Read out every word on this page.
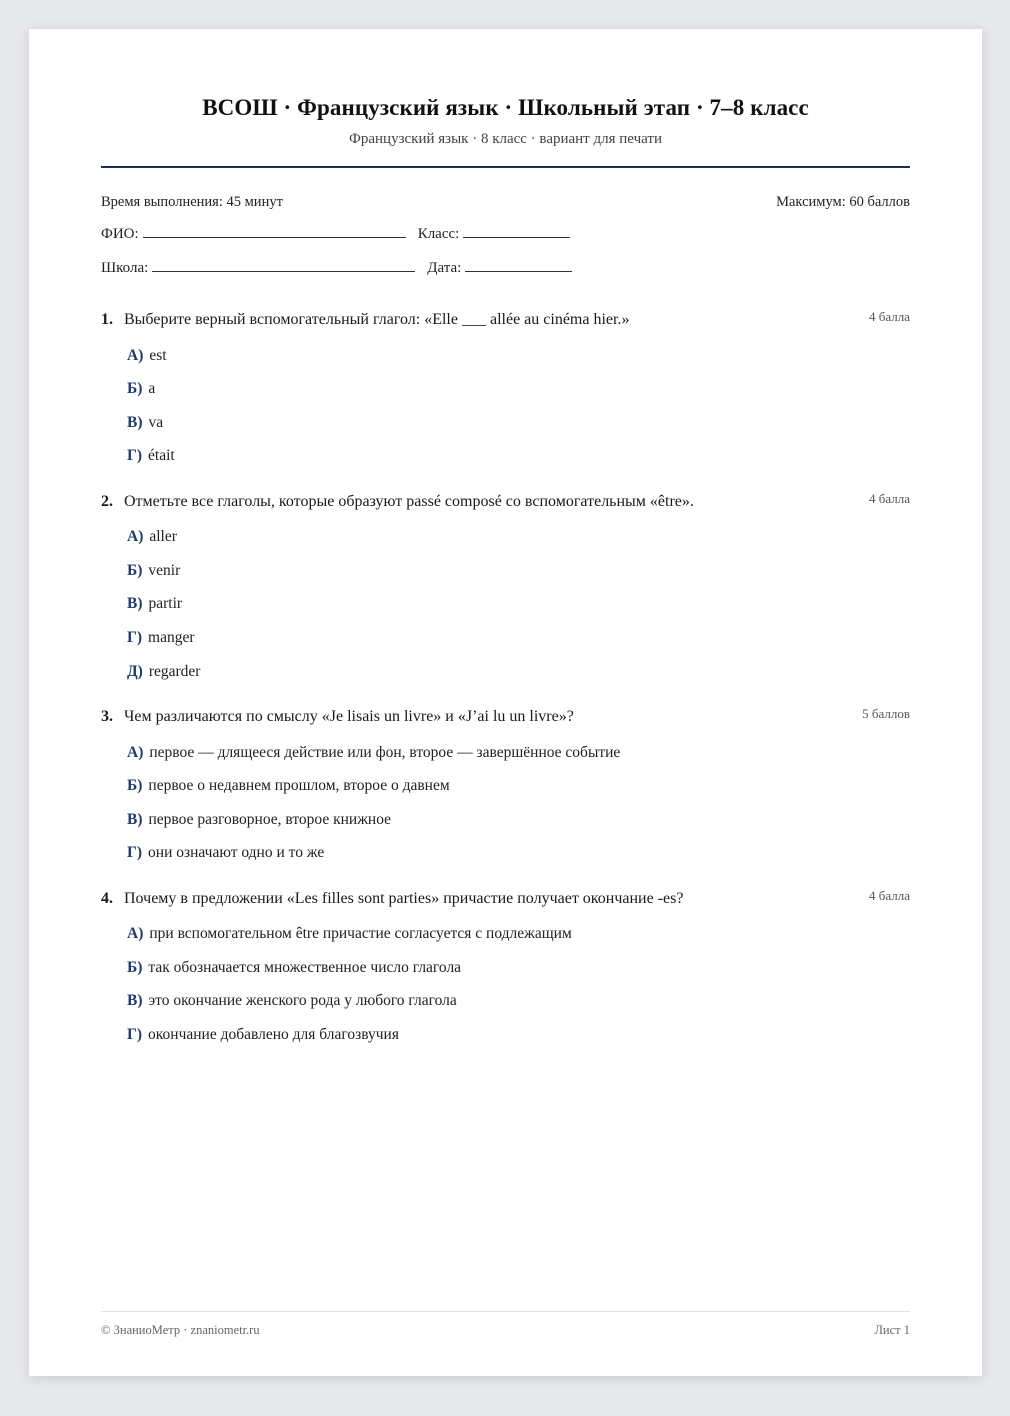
ВСОШ · Французский язык · Школьный этап · 7–8 класс
Французский язык · 8 класс · вариант для печати
Время выполнения: 45 минут	Максимум: 60 баллов
ФИО:	Класс:
Школа:	Дата:
1. Выберите верный вспомогательный глагол: «Elle ___ allée au cinéma hier.»	4 балла
А) est
Б) a
В) va
Г) était
2. Отметьте все глаголы, которые образуют passé composé со вспомогательным «être».	4 балла
А) aller
Б) venir
В) partir
Г) manger
Д) regarder
3. Чем различаются по смыслу «Je lisais un livre» и «J’ai lu un livre»?	5 баллов
А) первое — длящееся действие или фон, второе — завершённое событие
Б) первое о недавнем прошлом, второе о давнем
В) первое разговорное, второе книжное
Г) они означают одно и то же
4. Почему в предложении «Les filles sont parties» причастие получает окончание -es?	4 балла
А) при вспомогательном être причастие согласуется с подлежащим
Б) так обозначается множественное число глагола
В) это окончание женского рода у любого глагола
Г) окончание добавлено для благозвучия
© ЗнаниоМетр · znaniometr.ru	Лист 1
